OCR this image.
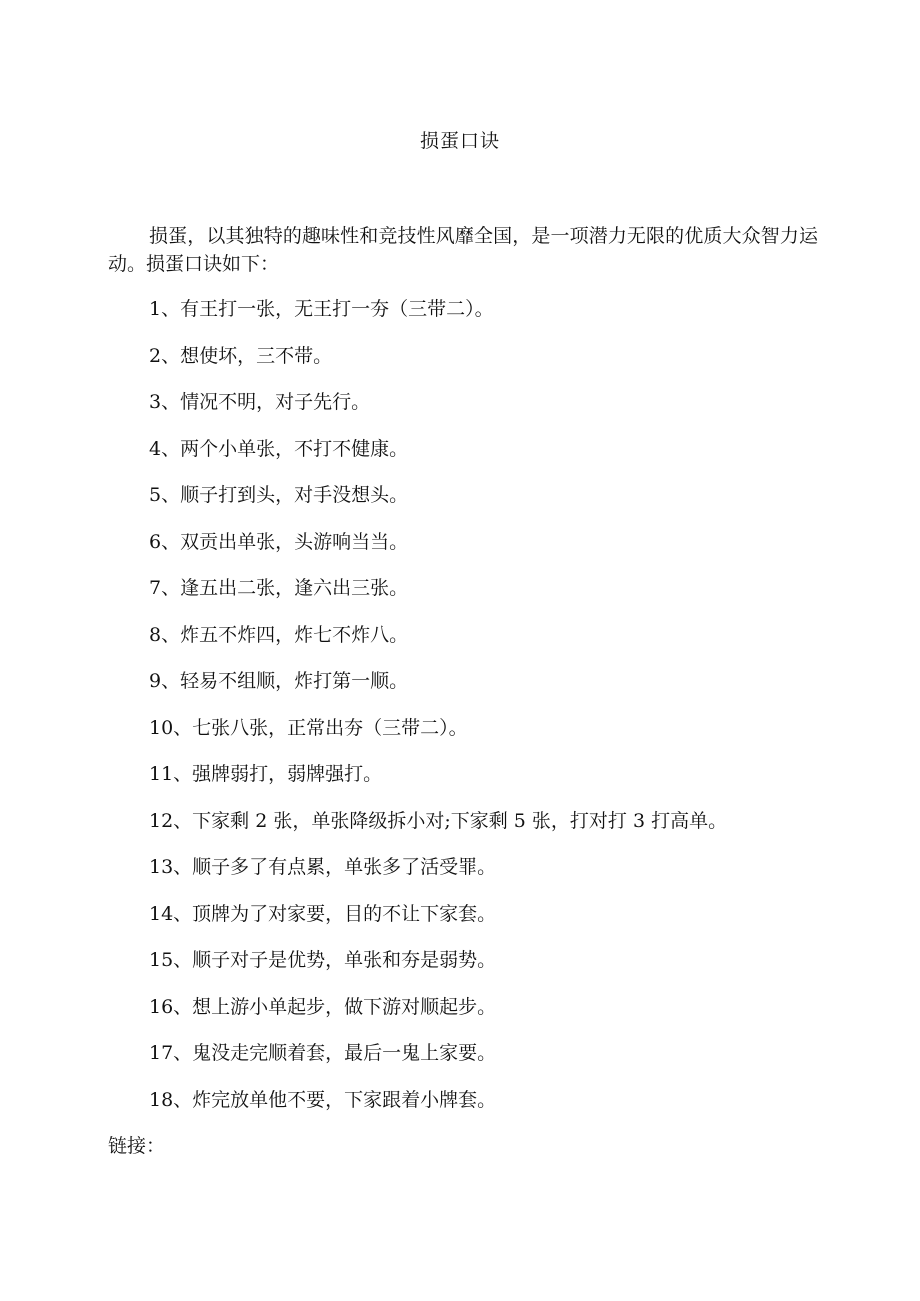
损蛋口诀

损蛋，以其独特的趣味性和竞技性风靡全国，是一项潜力无限的优质大众智力运动。损蛋口诀如下：

1、有王打一张，无王打一夯（三带二）。
2、想使坏，三不带。
3、情况不明，对子先行。
4、两个小单张，不打不健康。
5、顺子打到头，对手没想头。
6、双贡出单张，头游响当当。
7、逢五出二张，逢六出三张。
8、炸五不炸四，炸七不炸八。
9、轻易不组顺，炸打第一顺。
10、七张八张，正常出夯（三带二）。
11、强牌弱打，弱牌强打。
12、下家剩 2 张，单张降级拆小对;下家剩 5 张，打对打 3 打高单。
13、顺子多了有点累，单张多了活受罪。
14、顶牌为了对家要，目的不让下家套。
15、顺子对子是优势，单张和夯是弱势。
16、想上游小单起步，做下游对顺起步。
17、鬼没走完顺着套，最后一鬼上家要。
18、炸完放单他不要，下家跟着小牌套。
链接：
